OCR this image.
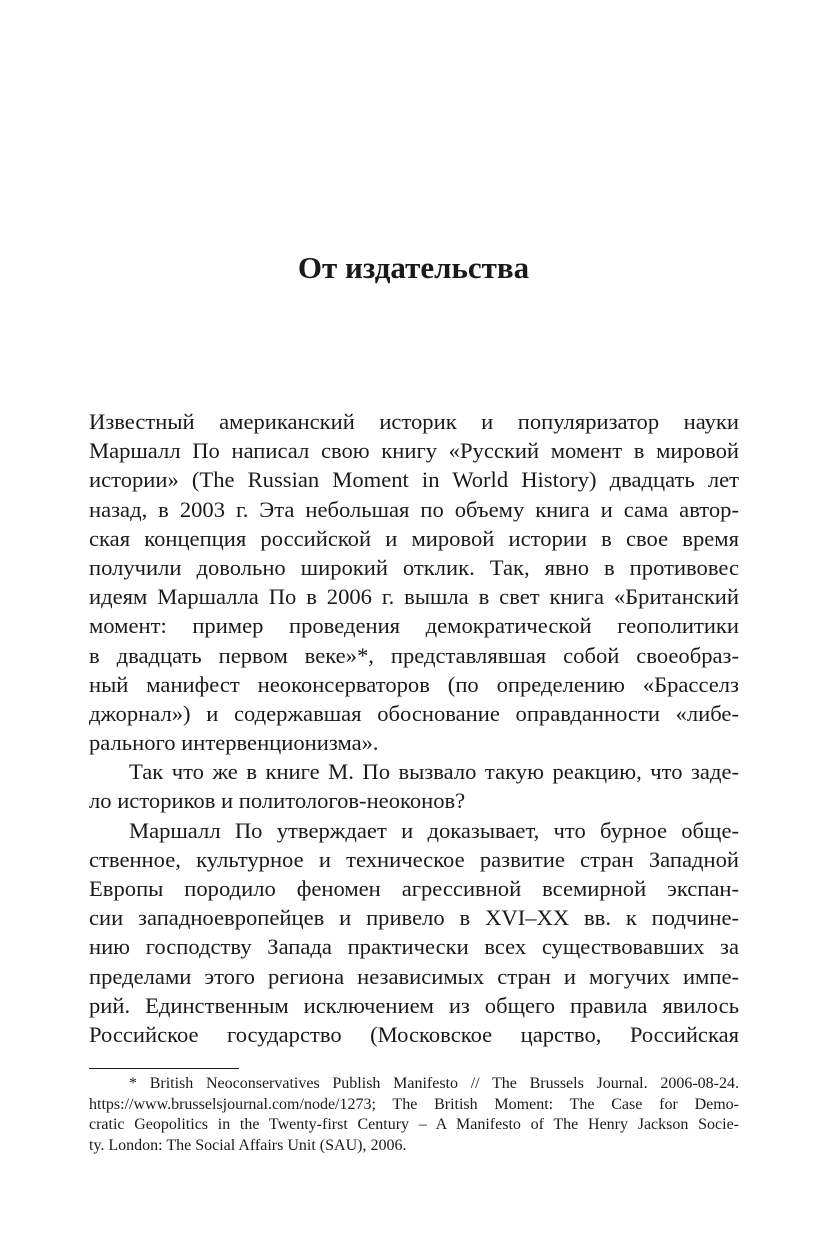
От издательства
Известный американский историк и популяризатор науки
Маршалл По написал свою книгу «Русский момент в мировой
истории» (The Russian Moment in World History) двадцать лет
назад, в 2003 г. Эта небольшая по объему книга и сама автор-
ская концепция российской и мировой истории в свое время
получили довольно широкий отклик. Так, явно в противовес
идеям Маршалла По в 2006 г. вышла в свет книга «Британский
момент: пример проведения демократической геополитики
в двадцать первом веке»*, представлявшая собой своеобраз-
ный манифест неоконсерваторов (по определению «Брасселз
джорнал») и содержавшая обоснование оправданности «либе-
рального интервенционизма».
Так что же в книге М. По вызвало такую реакцию, что заде-
ло историков и политологов-неоконов?
Маршалл По утверждает и доказывает, что бурное обще-
ственное, культурное и техническое развитие стран Западной
Европы породило феномен агрессивной всемирной экспан-
сии западноевропейцев и привело в XVI–XX вв. к подчине-
нию господству Запада практически всех существовавших за
пределами этого региона независимых стран и могучих импе-
рий. Единственным исключением из общего правила явилось
Российское государство (Московское царство, Российская
* British Neoconservatives Publish Manifesto // The Brussels Journal. 2006-08-24.
https://www.brusselsjournal.com/node/1273; The British Moment: The Case for Demo-
cratic Geopolitics in the Twenty-first Century – A Manifesto of The Henry Jackson Socie-
ty. London: The Social Affairs Unit (SAU), 2006.
